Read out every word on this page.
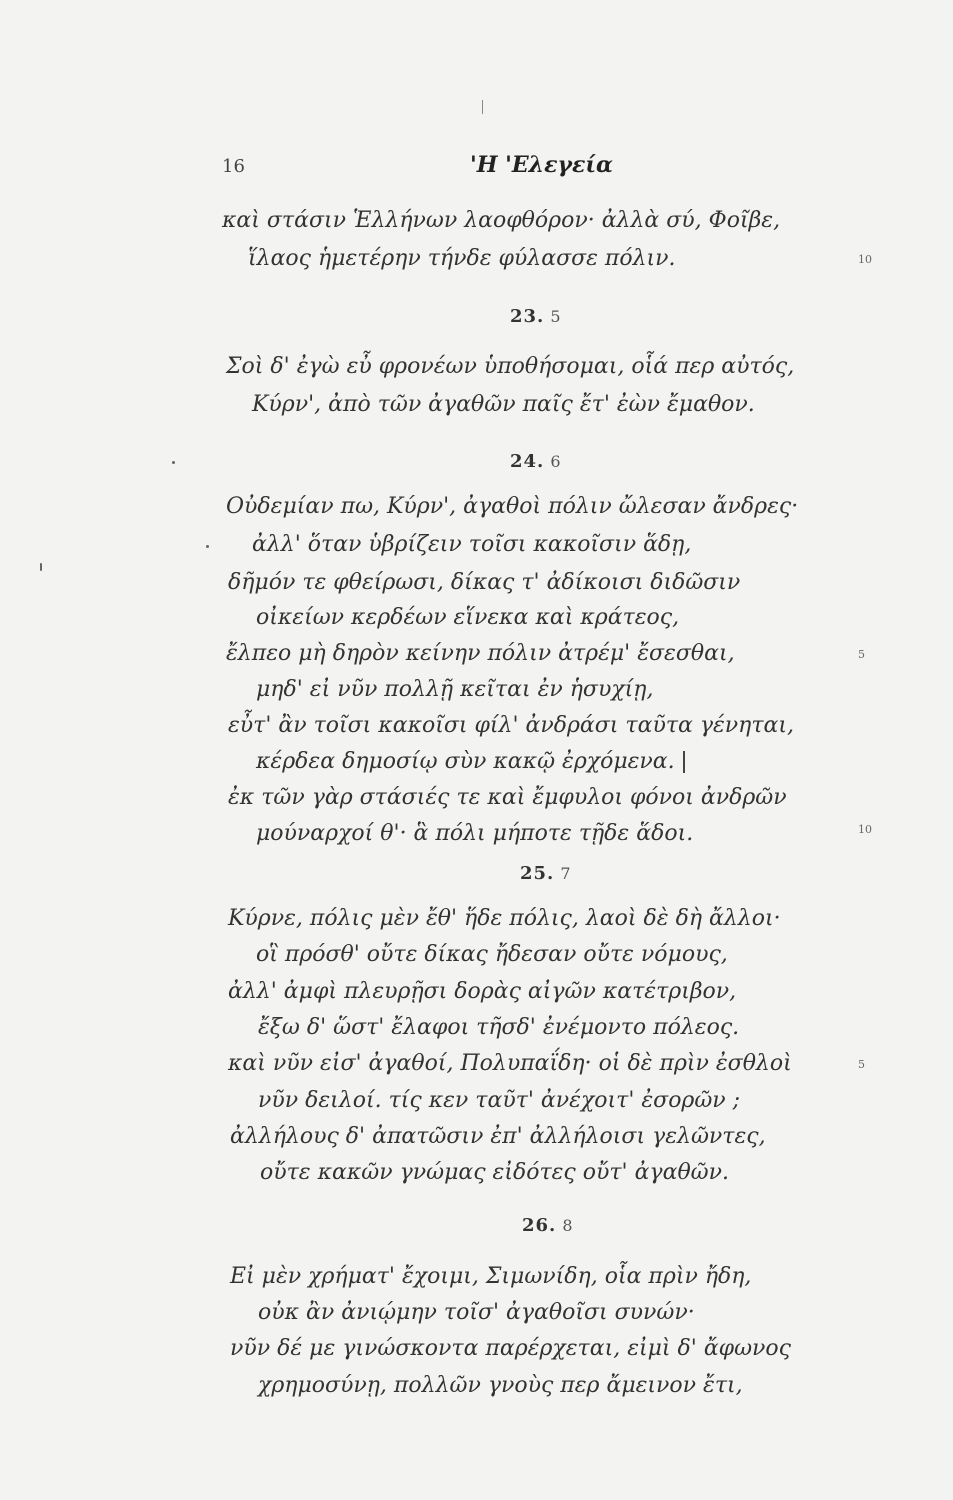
16	'Η 'Ελεγεία
καὶ στάσιν Ἑλλήνων λαοφθόρον· ἀλλὰ σύ, Φοῖβε,
ἵλαος ἡμετέρην τήνδε φύλασσε πόλιν.	10
23. 5
Σοὶ δ' ἐγὼ εὖ φρονέων ὑποθήσομαι, οἷά περ αὐτός,
Κύρν', ἀπὸ τῶν ἀγαθῶν παῖς ἔτ' ἐὼν ἔμαθον.
24. 6
Οὐδεμίαν πω, Κύρν', ἀγαθοὶ πόλιν ὤλεσαν ἄνδρες·
ἀλλ' ὅταν ὑβρίζειν τοῖσι κακοῖσιν ἅδῃ,
δῆμόν τε φθείρωσι, δίκας τ' ἀδίκοισι διδῶσιν
οἰκείων κερδέων εἵνεκα καὶ κράτεος,
ἔλπεο μὴ δηρὸν κείνην πόλιν ἀτρέμ' ἔσεσθαι,	5
μηδ' εἰ νῦν πολλῇ κεῖται ἐν ἡσυχίῃ,
εὖτ' ἂν τοῖσι κακοῖσι φίλ' ἀνδράσι ταῦτα γένηται,
κέρδεα δημοσίῳ σὺν κακῷ ἐρχόμενα.
ἐκ τῶν γὰρ στάσιές τε καὶ ἔμφυλοι φόνοι ἀνδρῶν
μούναρχοί θ'· ἃ πόλι μήποτε τῇδε ἅδοι.	10
25. 7
Κύρνε, πόλις μὲν ἔθ' ἥδε πόλις, λαοὶ δὲ δὴ ἄλλοι·
οἳ πρόσθ' οὔτε δίκας ἤδεσαν οὔτε νόμους,
ἀλλ' ἀμφὶ πλευρῇσι δορὰς αἰγῶν κατέτριβον,
ἔξω δ' ὥστ' ἔλαφοι τῆσδ' ἐνέμοντο πόλεος.
καὶ νῦν εἰσ' ἀγαθοί, Πολυπαΐδη· οἱ δὲ πρὶν ἐσθλοὶ	5
νῦν δειλοί. τίς κεν ταῦτ' ἀνέχοιτ' ἐσορῶν ;
ἀλλήλους δ' ἀπατῶσιν ἐπ' ἀλλήλοισι γελῶντες,
οὔτε κακῶν γνώμας εἰδότες οὔτ' ἀγαθῶν.
26. 8
Εἰ μὲν χρήματ' ἔχοιμι, Σιμωνίδη, οἷα πρὶν ἤδη,
οὐκ ἂν ἀνιῴμην τοῖσ' ἀγαθοῖσι συνών·
νῦν δέ με γινώσκοντα παρέρχεται, εἰμὶ δ' ἄφωνος
χρημοσύνῃ, πολλῶν γνοὺς περ ἄμεινον ἔτι,
